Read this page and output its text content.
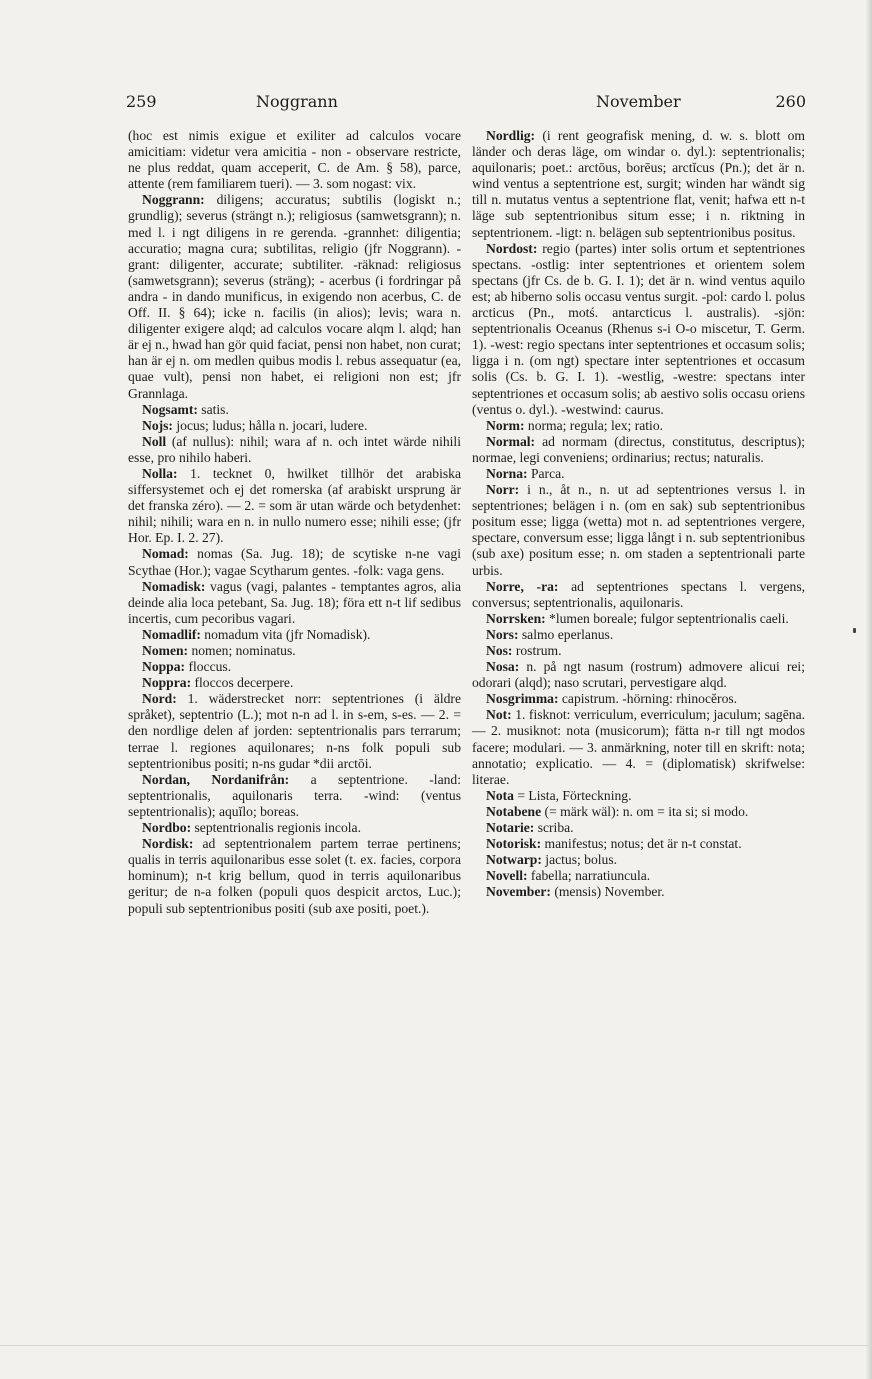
259	Noggrann	November	260

(hoc est nimis exigue et exiliter ad calculos vocare amicitiam: videtur vera amicitia - non - observare restricte, ne plus reddat, quam acceperit, C. de Am. § 58), parce, attente (rem familiarem tueri). — 3. som nogast: vix.

Noggrann: diligens; accuratus; subtilis (logiskt n.; grundlig); severus (strängt n.); religiosus (samwetsgrann); n. med l. i ngt diligens in re gerenda. -grannhet: diligentia; accuratio; magna cura; subtilitas, religio (jfr Noggrann). -grant: diligenter, accurate; subtiliter. -räknad: religiosus (samwetsgrann); severus (sträng); - acerbus (i fordringar på andra - in dando munificus, in exigendo non acerbus, C. de Off. II. § 64); icke n. facilis (in alios); levis; wara n. diligenter exigere alqd; ad calculos vocare alqm l. alqd; han är ej n., hwad han gör quid faciat, pensi non habet, non curat; han är ej n. om medlen quibus modis l. rebus assequatur (ea, quae vult), pensi non habet, ei religioni non est; jfr Grannlaga.

Nogsamt: satis.

Nojs: jocus; ludus; hålla n. jocari, ludere.

Noll (af nullus): nihil; wara af n. och intet wärde nihili esse, pro nihilo haberi.

Nolla: 1. tecknet 0, hwilket tillhör det arabiska siffersystemet och ej det romerska (af arabiskt ursprung är det franska zéro). — 2. = som är utan wärde och betydenhet: nihil; nihili; wara en n. in nullo numero esse; nihili esse; (jfr Hor. Ep. I. 2. 27).

Nomad: nomas (Sa. Jug. 18); de scytiske n-ne vagi Scythae (Hor.); vagae Scytharum gentes. -folk: vaga gens.

Nomadisk: vagus (vagi, palantes - temptantes agros, alia deinde alia loca petebant, Sa. Jug. 18); föra ett n-t lif sedibus incertis, cum pecoribus vagari.

Nomadlif: nomadum vita (jfr Nomadisk).

Nomen: nomen; nominatus.

Noppa: floccus.

Noppra: floccos decerpere.

Nord: 1. wäderstrecket norr: septentriones (i äldre språket), septentrio (L.); mot n-n ad l. in s-em, s-es. — 2. = den nordlige delen af jorden: septentrionalis pars terrarum; terrae l. regiones aquilonares; n-ns folk populi sub septentrionibus positi; n-ns gudar *dii arctōi.

Nordan, Nordanifrån: a septentrione. -land: septentrionalis, aquilonaris terra. -wind: (ventus septentrionalis); aquĭlo; boreas.

Nordbo: septentrionalis regionis incola.

Nordisk: ad septentrionalem partem terrae pertinens; qualis in terris aquilonaribus esse solet (t. ex. facies, corpora hominum); n-t krig bellum, quod in terris aquilonaribus geritur; de n-a folken (populi quos despicit arctos, Luc.); populi sub septentrionibus positi (sub axe positi, poet.).

Nordlig: (i rent geografisk mening, d. w. s. blott om länder och deras läge, om windar o. dyl.): septentrionalis; aquilonaris; poet.: arctōus, borēus; arctĭcus (Pn.); det är n. wind ventus a septentrione est, surgit; winden har wändt sig till n. mutatus ventus a septentrione flat, venit; hafwa ett n-t läge sub septentrionibus situm esse; i n. riktning in septentrionem. -ligt: n. belägen sub septentrionibus positus.

Nordost: regio (partes) inter solis ortum et septentriones spectans. -ostlig: inter septentriones et orientem solem spectans (jfr Cs. de b. G. I. 1); det är n. wind ventus aquilo est; ab hiberno solis occasu ventus surgit. -pol: cardo l. polus arcticus (Pn., motś. antarcticus l. australis). -sjön: septentrionalis Oceanus (Rhenus s-i O-o miscetur, T. Germ. 1). -west: regio spectans inter septentriones et occasum solis; ligga i n. (om ngt) spectare inter septentriones et occasum solis (Cs. b. G. I. 1). -westlig, -westre: spectans inter septentriones et occasum solis; ab aestivo solis occasu oriens (ventus o. dyl.). -westwind: caurus.

Norm: norma; regula; lex; ratio.

Normal: ad normam (directus, constitutus, descriptus); normae, legi conveniens; ordinarius; rectus; naturalis.

Norna: Parca.

Norr: i n., åt n., n. ut ad septentriones versus l. in septentriones; belägen i n. (om en sak) sub septentrionibus positum esse; ligga (wetta) mot n. ad septentriones vergere, spectare, conversum esse; ligga långt i n. sub septentrionibus (sub axe) positum esse; n. om staden a septentrionali parte urbis.

Norre, -ra: ad septentriones spectans l. vergens, conversus; septentrionalis, aquilonaris.

Norrsken: *lumen boreale; fulgor septentrionalis caeli.

Nors: salmo eperlanus.

Nos: rostrum.

Nosa: n. på ngt nasum (rostrum) admovere alicui rei; odorari (alqd); naso scrutari, pervestigare alqd.

Nosgrimma: capistrum. -hörning: rhinocĕros.

Not: 1. fisknot: verriculum, everriculum; jaculum; sagēna. — 2. musiknot: nota (musicorum); fätta n-r till ngt modos facere; modulari. — 3. anmärkning, noter till en skrift: nota; annotatio; explicatio. — 4. = (diplomatisk) skrifwelse: literae.

Nota = Lista, Förteckning.

Notabene (= märk wäl): n. om = ita si; si modo.

Notarie: scriba.

Notorisk: manifestus; notus; det är n-t constat.

Notwarp: jactus; bolus.

Novell: fabella; narratiuncula.

November: (mensis) November.
